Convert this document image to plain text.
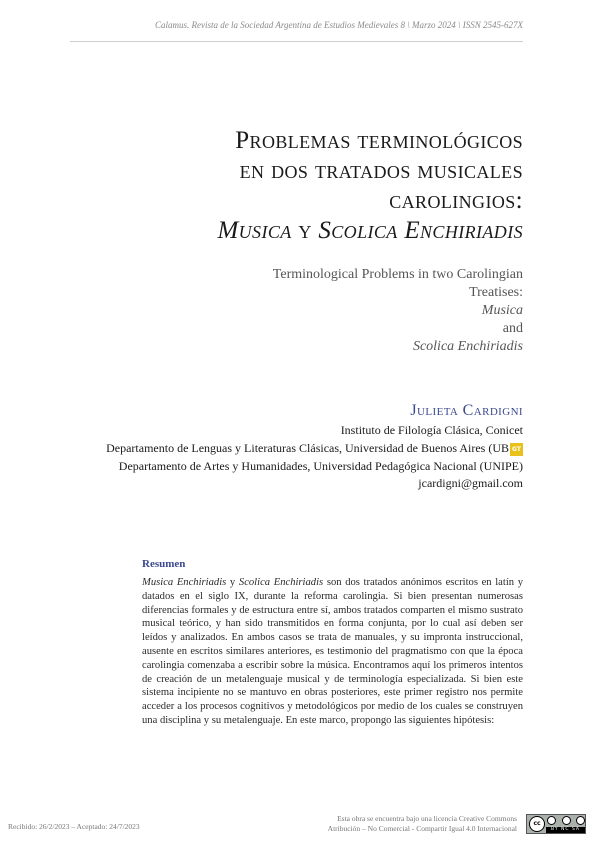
Calamus. Revista de la Sociedad Argentina de Estudios Medievales 8 \ Marzo 2024 \ ISSN 2545-627X
Problemas terminológicos
en dos tratados musicales
carolingios:
Musica y Scolica Enchiriadis
Terminological Problems in two Carolingian
Treatises:
Musica
and
Scolica Enchiriadis
Julieta Cardigni
Instituto de Filología Clásica, Conicet
Departamento de Lenguas y Literaturas Clásicas, Universidad de Buenos Aires (UB GT
Departamento de Artes y Humanidades, Universidad Pedagógica Nacional (UNIPE)
jcardigni@gmail.com
Resumen

Musica Enchiriadis y Scolica Enchiriadis son dos tratados anónimos escritos en latín y datados en el siglo IX, durante la reforma carolingia. Si bien presentan numerosas diferencias formales y de estructura entre sí, ambos tratados comparten el mismo sustrato musical teórico, y han sido transmitidos en forma conjunta, por lo cual así deben ser leídos y analizados. En ambos casos se trata de manuales, y su impronta instruccional, ausente en escritos similares anteriores, es testimonio del pragmatismo con que la época carolingia comenzaba a escribir sobre la música. Encontramos aquí los primeros intentos de creación de un metalenguaje musical y de terminología especializada. Si bien este sistema incipiente no se mantuvo en obras posteriores, este primer registro nos permite acceder a los procesos cognitivos y metodológicos por medio de los cuales se construyen una disciplina y su metalenguaje. En este marco, propongo las siguientes hipótesis:

Recibido: 26/2/2023 – Aceptado: 24/7/2023
Esta obra se encuentra bajo una licencia Creative Commons
Atribución – No Comercial - Compartir Igual 4.0 Internacional	cc
BY NC SA
